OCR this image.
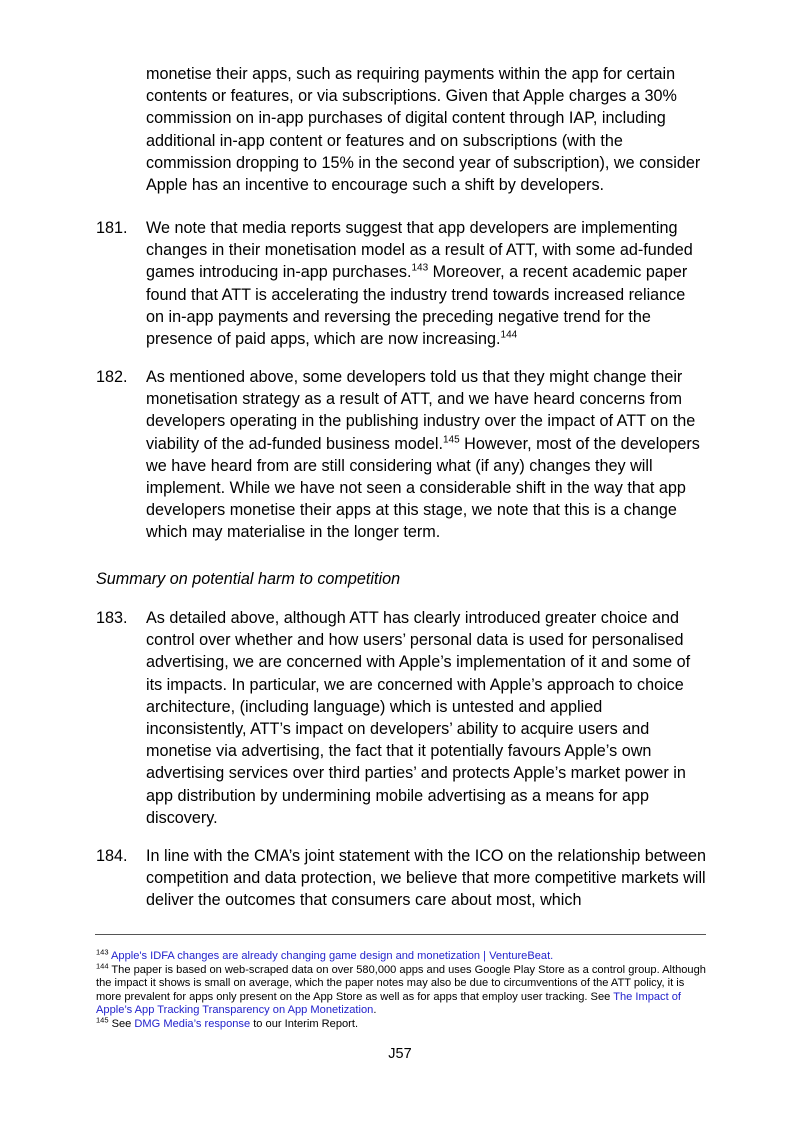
monetise their apps, such as requiring payments within the app for certain contents or features, or via subscriptions. Given that Apple charges a 30% commission on in-app purchases of digital content through IAP, including additional in-app content or features and on subscriptions (with the commission dropping to 15% in the second year of subscription), we consider Apple has an incentive to encourage such a shift by developers.
181.	We note that media reports suggest that app developers are implementing changes in their monetisation model as a result of ATT, with some ad-funded games introducing in-app purchases.$^{143}$ Moreover, a recent academic paper found that ATT is accelerating the industry trend towards increased reliance on in-app payments and reversing the preceding negative trend for the presence of paid apps, which are now increasing.$^{144}$
182.	As mentioned above, some developers told us that they might change their monetisation strategy as a result of ATT, and we have heard concerns from developers operating in the publishing industry over the impact of ATT on the viability of the ad-funded business model.$^{145}$ However, most of the developers we have heard from are still considering what (if any) changes they will implement. While we have not seen a considerable shift in the way that app developers monetise their apps at this stage, we note that this is a change which may materialise in the longer term.
Summary on potential harm to competition
183.	As detailed above, although ATT has clearly introduced greater choice and control over whether and how users’ personal data is used for personalised advertising, we are concerned with Apple’s implementation of it and some of its impacts. In particular, we are concerned with Apple’s approach to choice architecture, (including language) which is untested and applied inconsistently, ATT’s impact on developers’ ability to acquire users and monetise via advertising, the fact that it potentially favours Apple’s own advertising services over third parties’ and protects Apple’s market power in app distribution by undermining mobile advertising as a means for app discovery.
184.	In line with the CMA’s joint statement with the ICO on the relationship between competition and data protection, we believe that more competitive markets will deliver the outcomes that consumers care about most, which

$^{143}$ Apple's IDFA changes are already changing game design and monetization | VentureBeat.

$^{144}$ The paper is based on web-scraped data on over 580,000 apps and uses Google Play Store as a control group. Although the impact it shows is small on average, which the paper notes may also be due to circumventions of the ATT policy, it is more prevalent for apps only present on the App Store as well as for apps that employ user tracking. See The Impact of Apple’s App Tracking Transparency on App Monetization.

$^{145}$ See DMG Media’s response to our Interim Report.

J57
